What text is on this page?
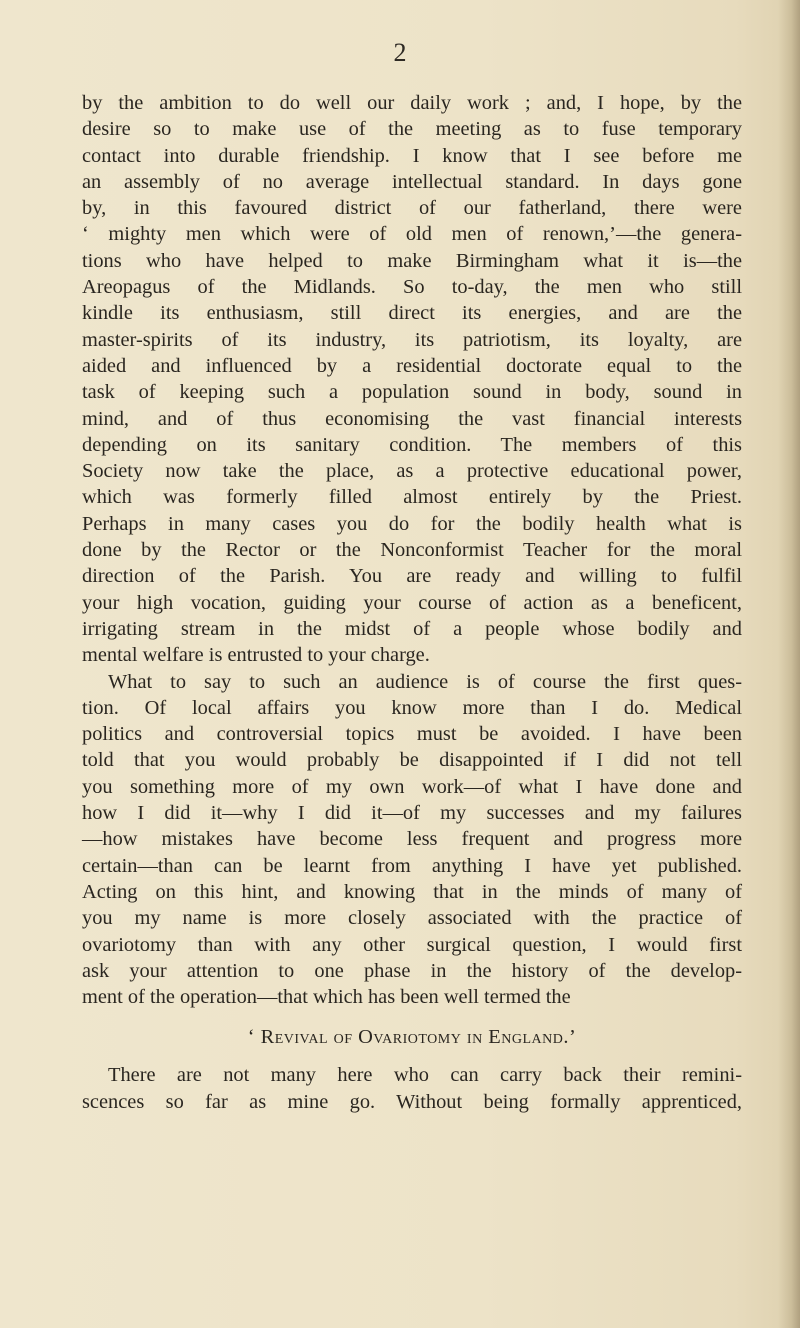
2
by the ambition to do well our daily work ; and, I hope, by the
desire so to make use of the meeting as to fuse temporary
contact into durable friendship. I know that I see before me
an assembly of no average intellectual standard. In days gone
by, in this favoured district of our fatherland, there were
‘ mighty men which were of old men of renown,’—the genera-
tions who have helped to make Birmingham what it is—the
Areopagus of the Midlands. So to-day, the men who still
kindle its enthusiasm, still direct its energies, and are the
master-spirits of its industry, its patriotism, its loyalty, are
aided and influenced by a residential doctorate equal to the
task of keeping such a population sound in body, sound in
mind, and of thus economising the vast financial interests
depending on its sanitary condition. The members of this
Society now take the place, as a protective educational power,
which was formerly filled almost entirely by the Priest.
Perhaps in many cases you do for the bodily health what is
done by the Rector or the Nonconformist Teacher for the moral
direction of the Parish. You are ready and willing to fulfil
your high vocation, guiding your course of action as a beneficent,
irrigating stream in the midst of a people whose bodily and
mental welfare is entrusted to your charge.
What to say to such an audience is of course the first ques-
tion. Of local affairs you know more than I do. Medical
politics and controversial topics must be avoided. I have been
told that you would probably be disappointed if I did not tell
you something more of my own work—of what I have done and
how I did it—why I did it—of my successes and my failures
—how mistakes have become less frequent and progress more
certain—than can be learnt from anything I have yet published.
Acting on this hint, and knowing that in the minds of many of
you my name is more closely associated with the practice of
ovariotomy than with any other surgical question, I would first
ask your attention to one phase in the history of the develop-
ment of the operation—that which has been well termed the
‘ Revival of Ovariotomy in England.’
There are not many here who can carry back their remini-
scences so far as mine go. Without being formally apprenticed,
